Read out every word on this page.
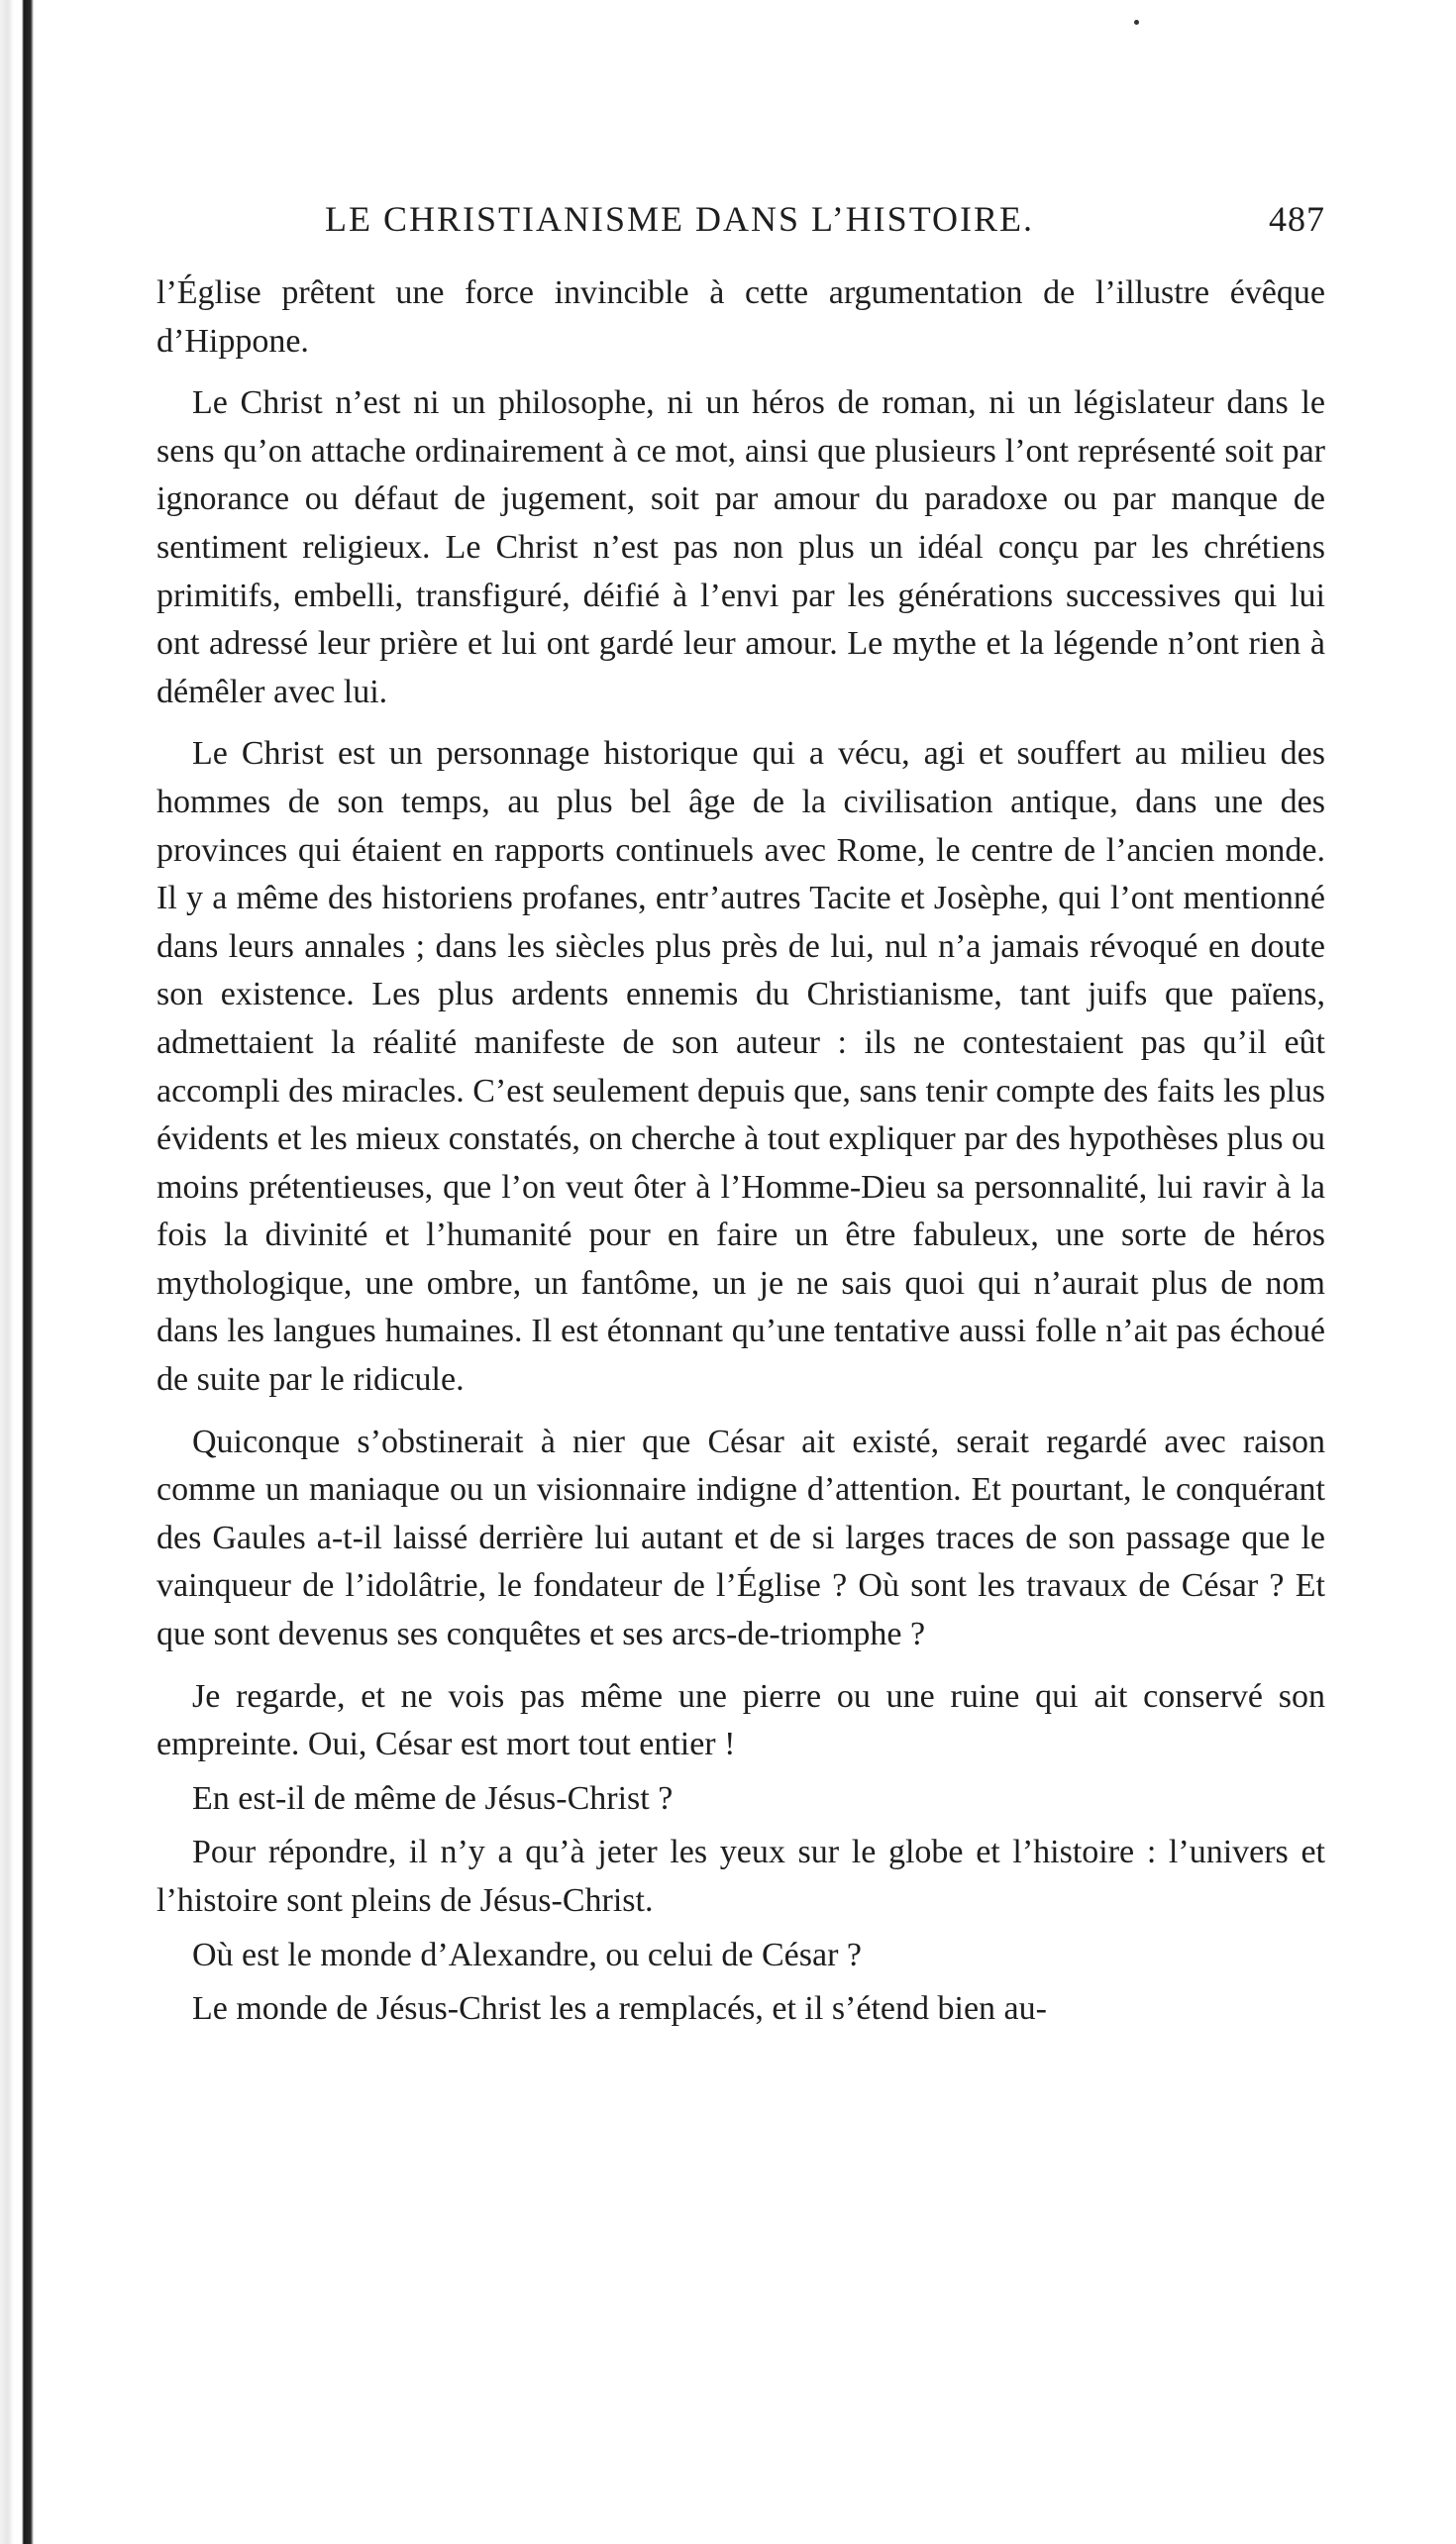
LE CHRISTIANISME DANS L’HISTOIRE.	487

l’Église prêtent une force invincible à cette argumentation de l’illustre évêque d’Hippone.

Le Christ n’est ni un philosophe, ni un héros de roman, ni un législateur dans le sens qu’on attache ordinairement à ce mot, ainsi que plusieurs l’ont représenté soit par ignorance ou défaut de jugement, soit par amour du paradoxe ou par manque de sentiment religieux. Le Christ n’est pas non plus un idéal conçu par les chrétiens primitifs, embelli, transfiguré, déifié à l’envi par les générations successives qui lui ont adressé leur prière et lui ont gardé leur amour. Le mythe et la légende n’ont rien à démêler avec lui.

Le Christ est un personnage historique qui a vécu, agi et souffert au milieu des hommes de son temps, au plus bel âge de la civilisation antique, dans une des provinces qui étaient en rapports continuels avec Rome, le centre de l’ancien monde. Il y a même des historiens profanes, entr’autres Tacite et Josèphe, qui l’ont mentionné dans leurs annales ; dans les siècles plus près de lui, nul n’a jamais révoqué en doute son existence. Les plus ardents ennemis du Christianisme, tant juifs que païens, admettaient la réalité manifeste de son auteur : ils ne contestaient pas qu’il eût accompli des miracles. C’est seulement depuis que, sans tenir compte des faits les plus évidents et les mieux constatés, on cherche à tout expliquer par des hypothèses plus ou moins prétentieuses, que l’on veut ôter à l’Homme-Dieu sa personnalité, lui ravir à la fois la divinité et l’humanité pour en faire un être fabuleux, une sorte de héros mythologique, une ombre, un fantôme, un je ne sais quoi qui n’aurait plus de nom dans les langues humaines. Il est étonnant qu’une tentative aussi folle n’ait pas échoué de suite par le ridicule.

Quiconque s’obstinerait à nier que César ait existé, serait regardé avec raison comme un maniaque ou un visionnaire indigne d’attention. Et pourtant, le conquérant des Gaules a-t-il laissé derrière lui autant et de si larges traces de son passage que le vainqueur de l’idolâtrie, le fondateur de l’Église ? Où sont les travaux de César ? Et que sont devenus ses conquêtes et ses arcs-de-triomphe ?

Je regarde, et ne vois pas même une pierre ou une ruine qui ait conservé son empreinte. Oui, César est mort tout entier !

En est-il de même de Jésus-Christ ?

Pour répondre, il n’y a qu’à jeter les yeux sur le globe et l’histoire : l’univers et l’histoire sont pleins de Jésus-Christ.

Où est le monde d’Alexandre, ou celui de César ?

Le monde de Jésus-Christ les a remplacés, et il s’étend bien au-
